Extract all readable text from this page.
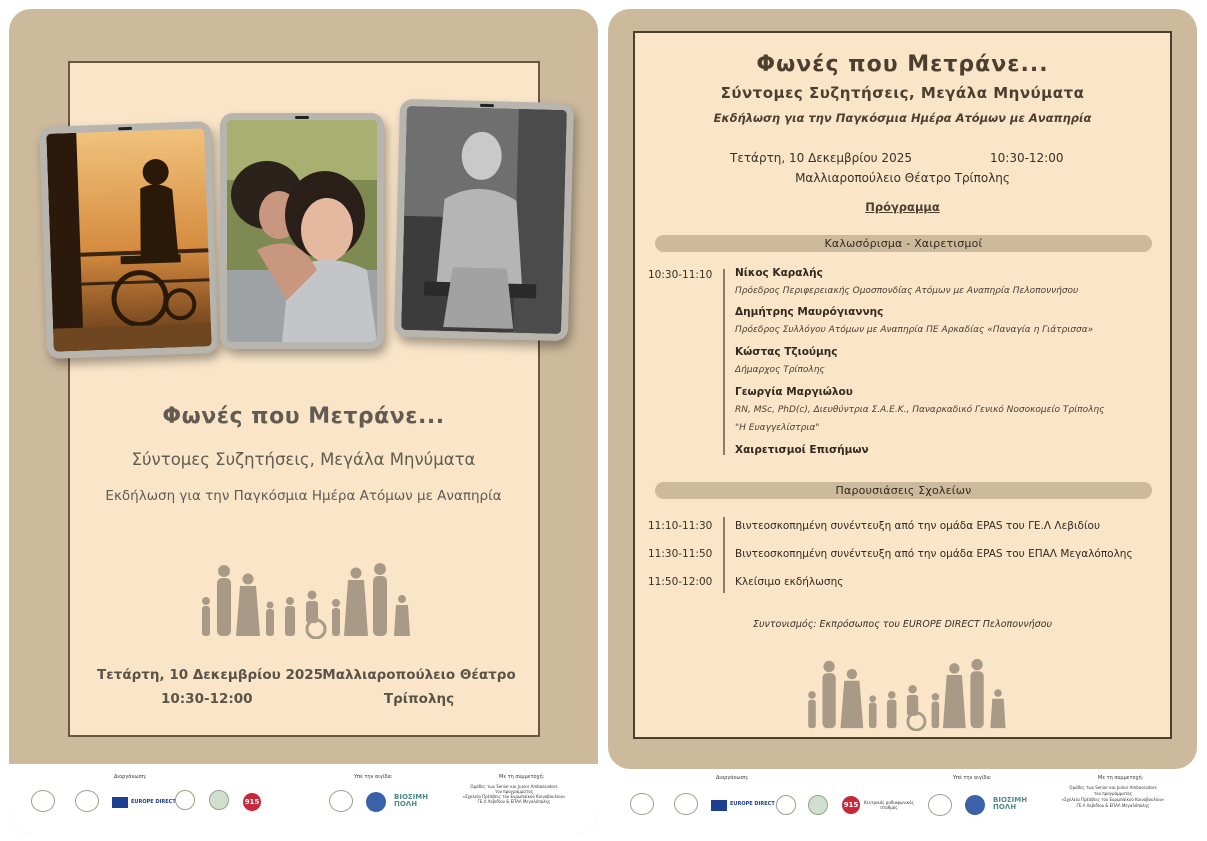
Φωνές που Μετράνε...
Σύντομες Συζητήσεις, Μεγάλα Μηνύματα
Εκδήλωση για την Παγκόσμια Ημέρα Ατόμων με Αναπηρία
Τετάρτη, 10 Δεκεμβρίου 2025
10:30-12:00
Μαλλιαροπούλειο Θέατρο
Τρίπολης
Διοργάνωση:	Υπέ την αιγίδα:	Με τη συμμετοχή:
EUROPE DIRECT	915
ΒΙΟΣΙΜΗ
ΠΟΛΗ
Ομάδες των Senior και Junior Ambassadors
του προγράμματος
«Σχολεία Πρέσβεις του Ευρωπαϊκού Κοινοβουλίου»
ΓΕ.Λ Λεβιδίου & ΕΠΑΛ Μεγαλόπολης
Φωνές που Μετράνε...
Σύντομες Συζητήσεις, Μεγάλα Μηνύματα
Εκδήλωση για την Παγκόσμια Ημέρα Ατόμων με Αναπηρία
Τετάρτη, 10 Δεκεμβρίου 2025	10:30-12:00
Μαλλιαροπούλειο Θέατρο Τρίπολης
Πρόγραμμα
Καλωσόρισμα - Χαιρετισμοί
10:30-11:10 Νίκος Καραλής
Πρόεδρος Περιφερειακής Ομοσπονδίας Ατόμων με Αναπηρία Πελοποννήσου
Δημήτρης Μαυρόγιαννης
Πρόεδρος Συλλόγου Ατόμων με Αναπηρία ΠΕ Αρκαδίας «Παναγία η Γιάτρισσα»
Κώστας Τζιούμης
Δήμαρχος Τρίπολης
Γεωργία Μαργιώλου
RN, MSc, PhD(c), Διευθύντρια Σ.Α.Ε.Κ., Παναρκαδικό Γενικό Νοσοκομείο Τρίπολης
"Η Ευαγγελίστρια"
Χαιρετισμοί Επισήμων
Παρουσιάσεις Σχολείων
11:10-11:30 Βιντεοσκοπημένη συνέντευξη από την ομάδα EPAS του ΓΕ.Λ Λεβιδίου
11:30-11:50 Βιντεοσκοπημένη συνέντευξη από την ομάδα EPAS του ΕΠΑΛ Μεγαλόπολης
11:50-12:00 Κλείσιμο εκδήλωσης
Συντονισμός: Εκπρόσωπος του EUROPE DIRECT Πελοποννήσου
Διοργάνωση:	Υπέ την αιγίδα:	Με τη συμμετοχή:
EUROPE DIRECT	915	Κεντρικός ραδιοφωνικός σταθμός
ΒΙΟΣΙΜΗ
ΠΟΛΗ
Ομάδες των Senior και Junior Ambassadors
του προγράμματος
«Σχολεία Πρέσβεις του Ευρωπαϊκού Κοινοβουλίου»
ΓΕ.Λ Λεβιδίου & ΕΠΑΛ Μεγαλόπολης
